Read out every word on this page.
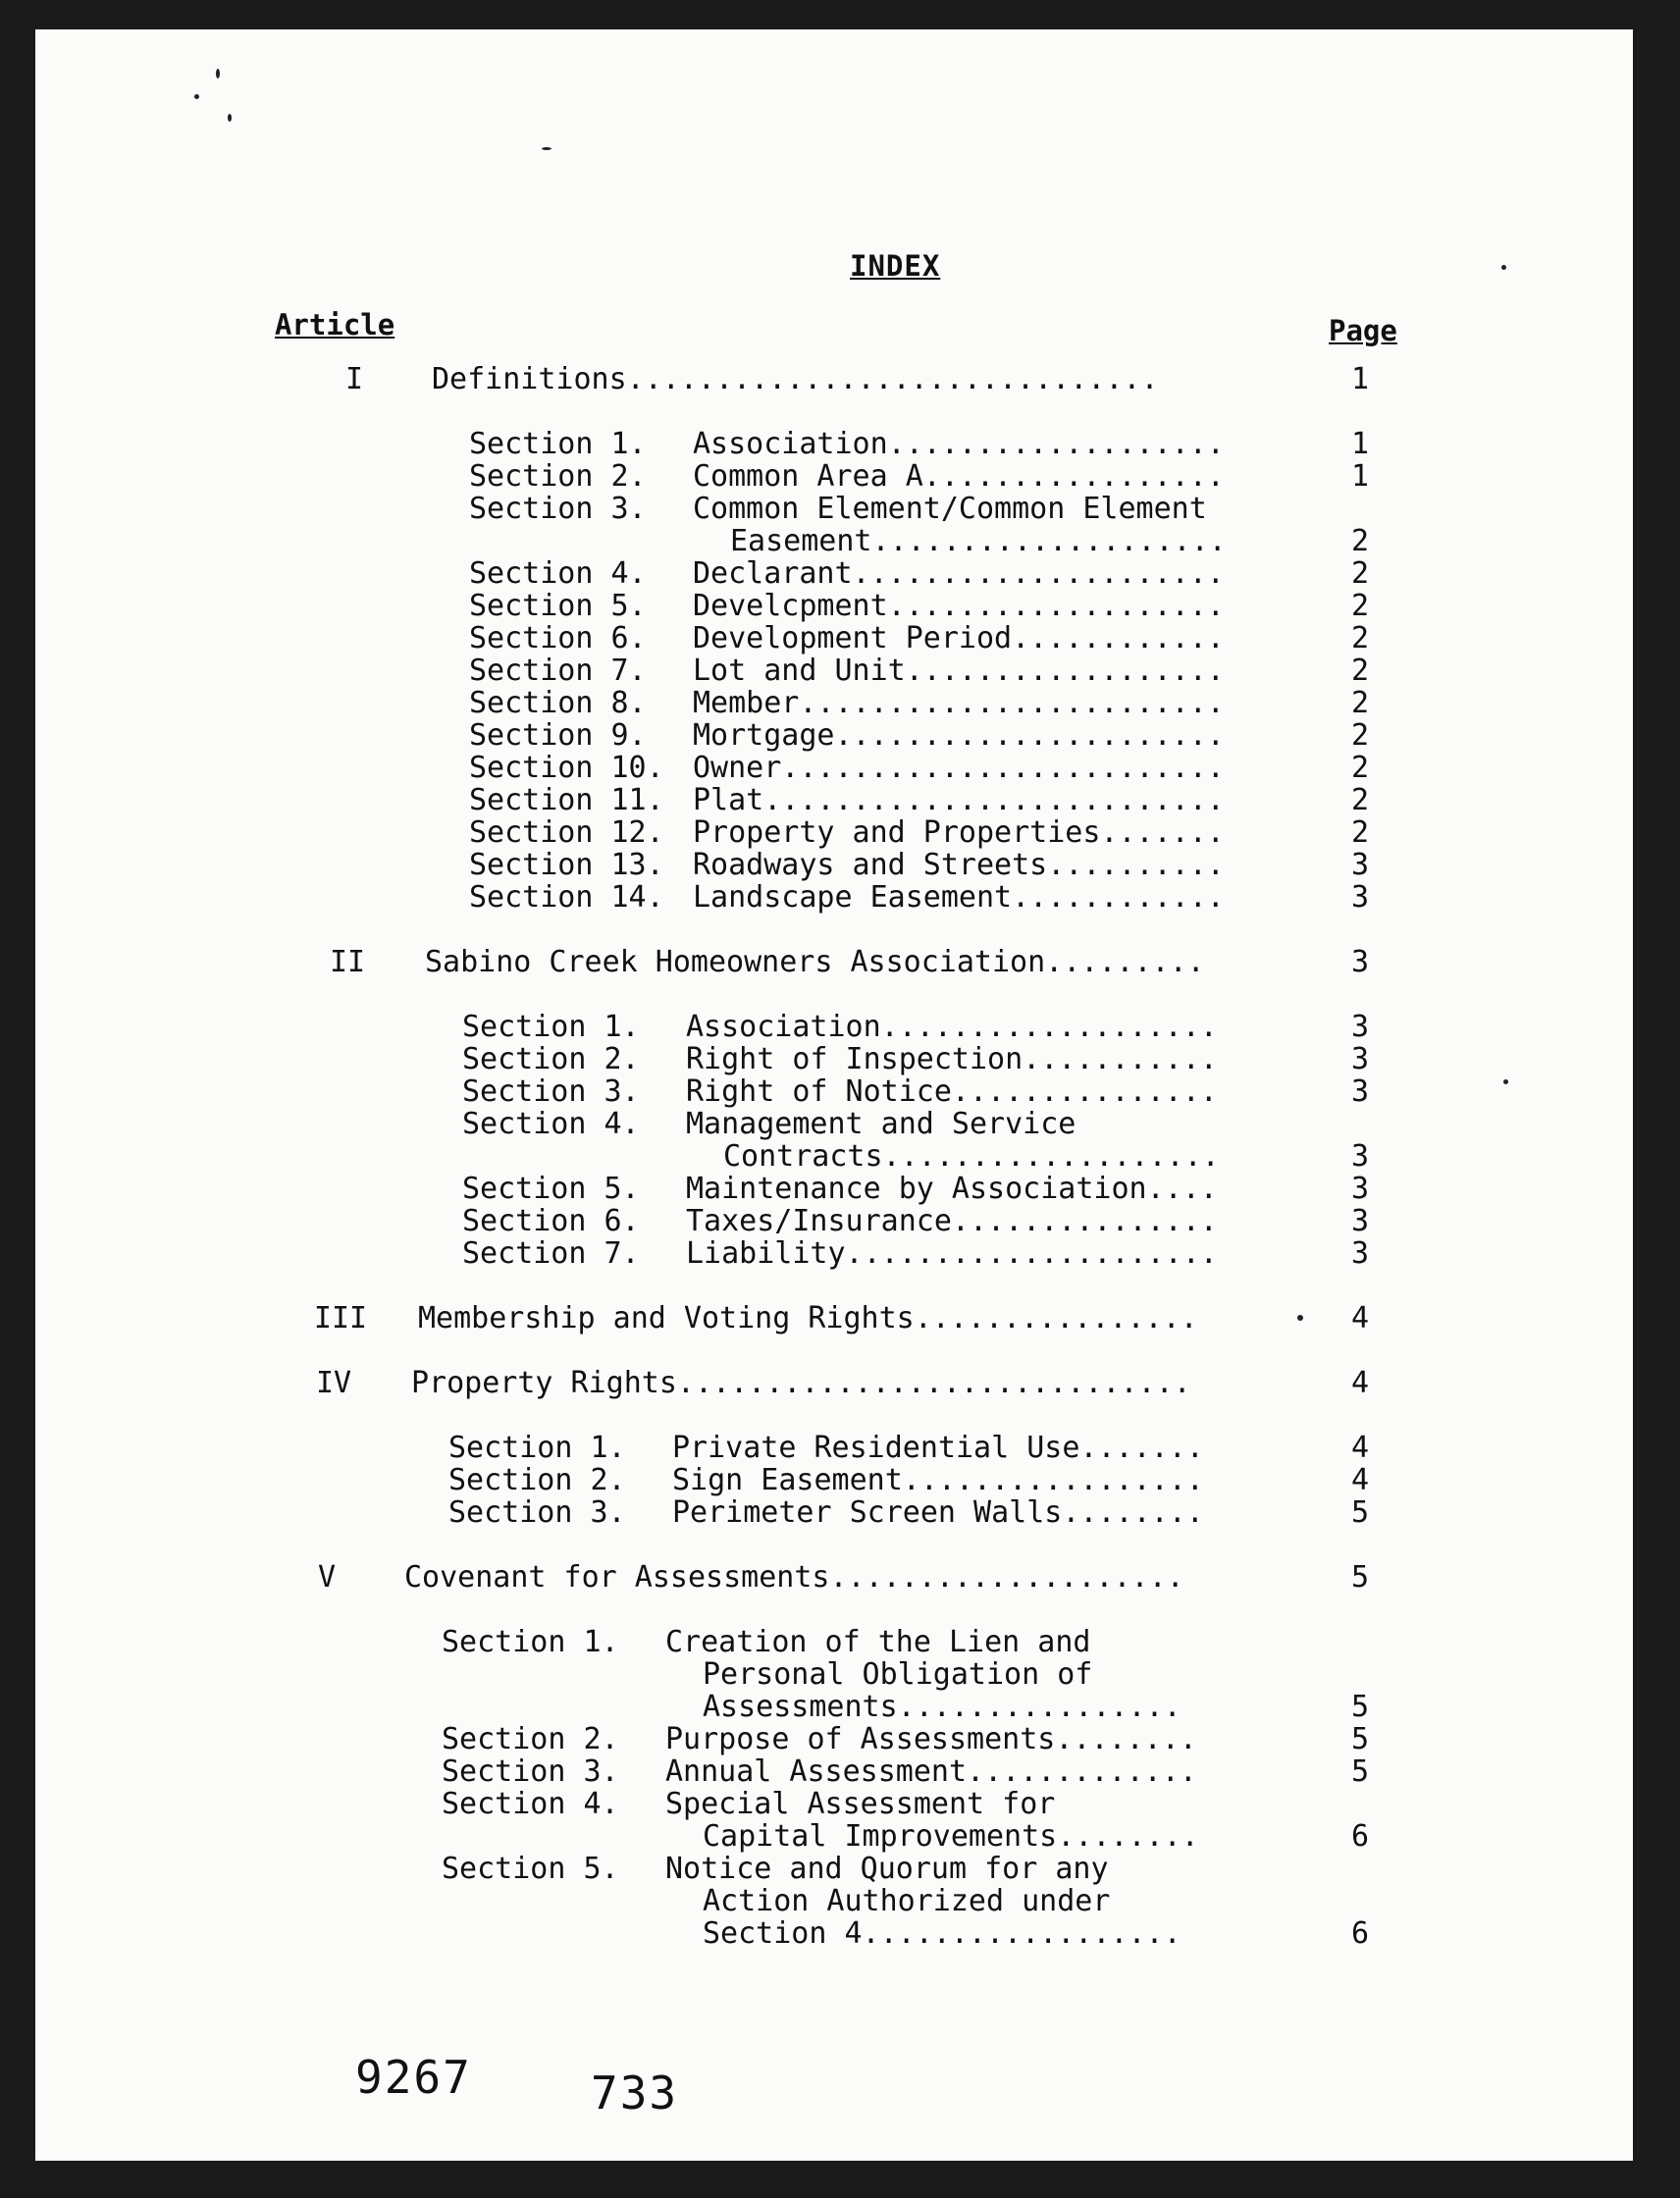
INDEX
Article	Page
I	Definitions..............................	1
Section 1. Association...................	1
Section 2. Common Area A.................	1
Section 3. Common Element/Common Element
Easement....................	2
Section 4. Declarant.....................	2
Section 5. Develcpment...................	2
Section 6. Development Period............	2
Section 7. Lot and Unit..................	2
Section 8. Member........................	2
Section 9. Mortgage......................	2
Section 10. Owner.........................	2
Section 11. Plat..........................	2
Section 12. Property and Properties.......	2
Section 13. Roadways and Streets..........	3
Section 14. Landscape Easement............	3
II	Sabino Creek Homeowners Association.........	3
Section 1. Association...................	3
Section 2. Right of Inspection...........	3
Section 3. Right of Notice...............	3
Section 4. Management and Service
Contracts...................	3
Section 5. Maintenance by Association....	3
Section 6. Taxes/Insurance...............	3
Section 7. Liability.....................	3
III Membership and Voting Rights................	4
IV	Property Rights.............................	4
Section 1. Private Residential Use.......	4
Section 2. Sign Easement.................	4
Section 3. Perimeter Screen Walls........	5
V	Covenant for Assessments....................	5
Section 1. Creation of the Lien and
Personal Obligation of
Assessments................	5
Section 2. Purpose of Assessments........	5
Section 3. Annual Assessment.............	5
Section 4. Special Assessment for
Capital Improvements........	6
Section 5. Notice and Quorum for any
Action Authorized under
Section 4..................	6
9267	733
